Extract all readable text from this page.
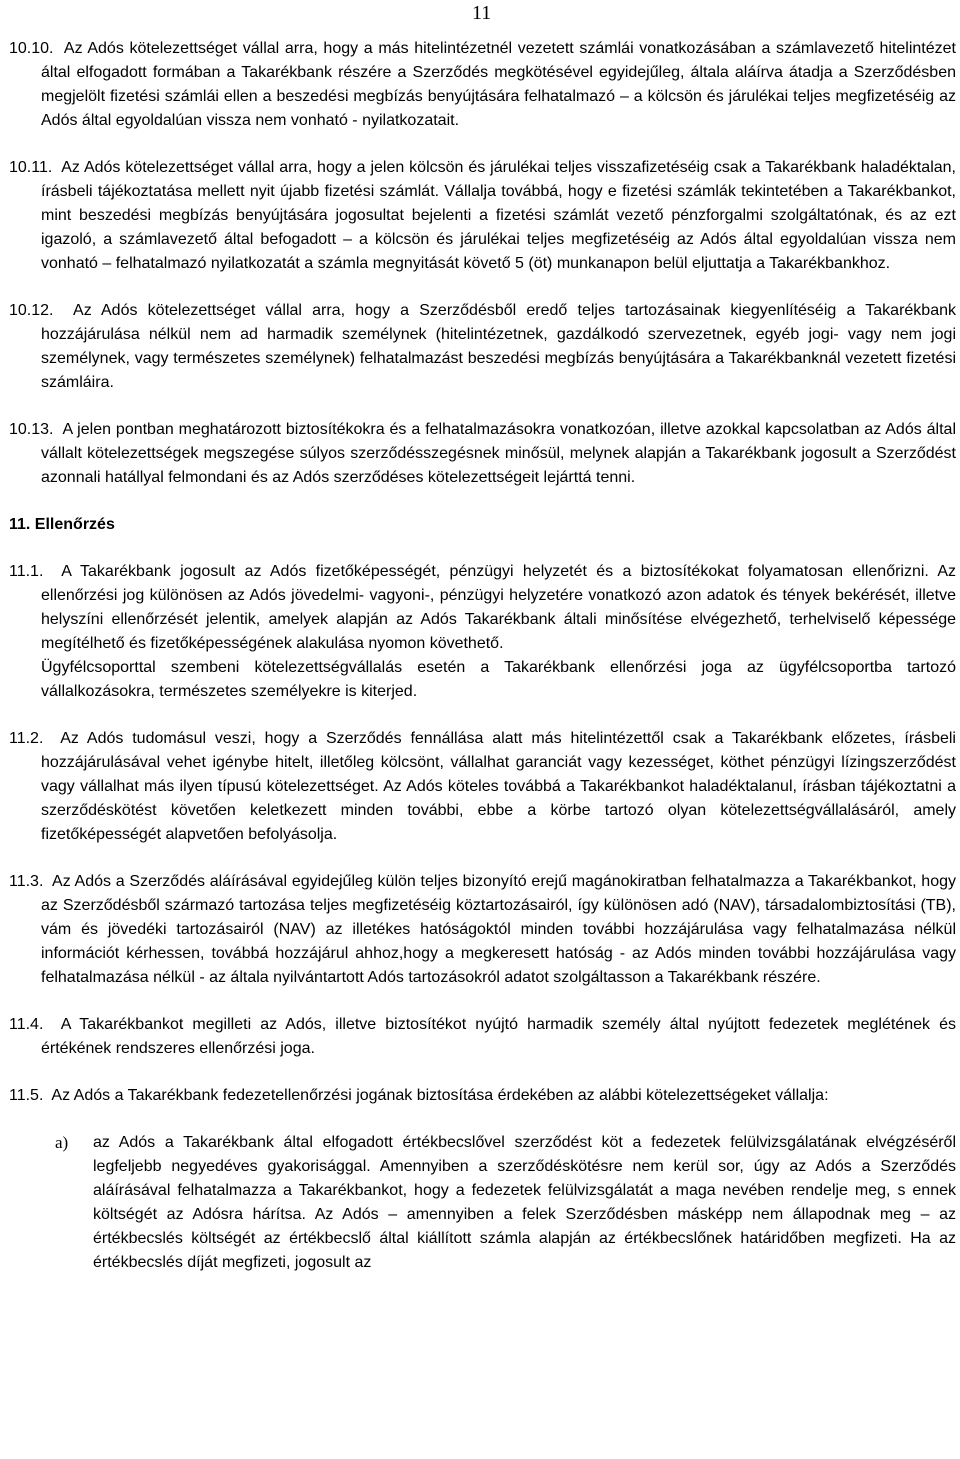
11
10.10. Az Adós kötelezettséget vállal arra, hogy a más hitelintézetnél vezetett számlái vonatkozásában a számlavezető hitelintézet által elfogadott formában a Takarékbank részére a Szerződés megkötésével egyidejűleg, általa aláírva átadja a Szerződésben megjelölt fizetési számlái ellen a beszedési megbízás benyújtására felhatalmazó – a kölcsön és járulékai teljes megfizetéséig az Adós által egyoldalúan vissza nem vonható - nyilatkozatait.
10.11. Az Adós kötelezettséget vállal arra, hogy a jelen kölcsön és járulékai teljes visszafizetéséig csak a Takarékbank haladéktalan, írásbeli tájékoztatása mellett nyit újabb fizetési számlát. Vállalja továbbá, hogy e fizetési számlák tekintetében a Takarékbankot, mint beszedési megbízás benyújtására jogosultat bejelenti a fizetési számlát vezető pénzforgalmi szolgáltatónak, és az ezt igazoló, a számlavezető által befogadott – a kölcsön és járulékai teljes megfizetéséig az Adós által egyoldalúan vissza nem vonható – felhatalmazó nyilatkozatát a számla megnyitását követő 5 (öt) munkanapon belül eljuttatja a Takarékbankhoz.
10.12. Az Adós kötelezettséget vállal arra, hogy a Szerződésből eredő teljes tartozásainak kiegyenlítéséig a Takarékbank hozzájárulása nélkül nem ad harmadik személynek (hitelintézetnek, gazdálkodó szervezetnek, egyéb jogi- vagy nem jogi személynek, vagy természetes személynek) felhatalmazást beszedési megbízás benyújtására a Takarékbanknál vezetett fizetési számláira.
10.13. A jelen pontban meghatározott biztosítékokra és a felhatalmazásokra vonatkozóan, illetve azokkal kapcsolatban az Adós által vállalt kötelezettségek megszegése súlyos szerződésszegésnek minősül, melynek alapján a Takarékbank jogosult a Szerződést azonnali hatállyal felmondani és az Adós szerződéses kötelezettségeit lejárttá tenni.
11. Ellenőrzés
11.1. A Takarékbank jogosult az Adós fizetőképességét, pénzügyi helyzetét és a biztosítékokat folyamatosan ellenőrizni. Az ellenőrzési jog különösen az Adós jövedelmi- vagyoni-, pénzügyi helyzetére vonatkozó azon adatok és tények bekérését, illetve helyszíni ellenőrzését jelentik, amelyek alapján az Adós Takarékbank általi minősítése elvégezhető, terhelviselő képessége megítélhető és fizetőképességének alakulása nyomon követhető.
Ügyfélcsoporttal szembeni kötelezettségvállalás esetén a Takarékbank ellenőrzési joga az ügyfélcsoportba tartozó vállalkozásokra, természetes személyekre is kiterjed.
11.2. Az Adós tudomásul veszi, hogy a Szerződés fennállása alatt más hitelintézettől csak a Takarékbank előzetes, írásbeli hozzájárulásával vehet igénybe hitelt, illetőleg kölcsönt, vállalhat garanciát vagy kezességet, köthet pénzügyi lízingszerződést vagy vállalhat más ilyen típusú kötelezettséget. Az Adós köteles továbbá a Takarékbankot haladéktalanul, írásban tájékoztatni a szerződéskötést követően keletkezett minden további, ebbe a körbe tartozó olyan kötelezettségvállalásáról, amely fizetőképességét alapvetően befolyásolja.
11.3. Az Adós a Szerződés aláírásával egyidejűleg külön teljes bizonyító erejű magánokiratban felhatalmazza a Takarékbankot, hogy az Szerződésből származó tartozása teljes megfizetéséig köztartozásairól, így különösen adó (NAV), társadalombiztosítási (TB), vám és jövedéki tartozásairól (NAV) az illetékes hatóságoktól minden további hozzájárulása vagy felhatalmazása nélkül információt kérhessen, továbbá hozzájárul ahhoz,hogy a megkeresett hatóság - az Adós minden további hozzájárulása vagy felhatalmazása nélkül - az általa nyilvántartott Adós tartozásokról adatot szolgáltasson a Takarékbank részére.
11.4. A Takarékbankot megilleti az Adós, illetve biztosítékot nyújtó harmadik személy által nyújtott fedezetek meglétének és értékének rendszeres ellenőrzési joga.
11.5. Az Adós a Takarékbank fedezetellenőrzési jogának biztosítása érdekében az alábbi kötelezettségeket vállalja:
a) az Adós a Takarékbank által elfogadott értékbecslővel szerződést köt a fedezetek felülvizsgálatának elvégzéséről legfeljebb negyedéves gyakorisággal. Amennyiben a szerződéskötésre nem kerül sor, úgy az Adós a Szerződés aláírásával felhatalmazza a Takarékbankot, hogy a fedezetek felülvizsgálatát a maga nevében rendelje meg, s ennek költségét az Adósra hárítsa. Az Adós – amennyiben a felek Szerződésben másképp nem állapodnak meg – az értékbecslés költségét az értékbecslő által kiállított számla alapján az értékbecslőnek határidőben megfizeti. Ha az értékbecslés díját megfizeti, jogosult az
